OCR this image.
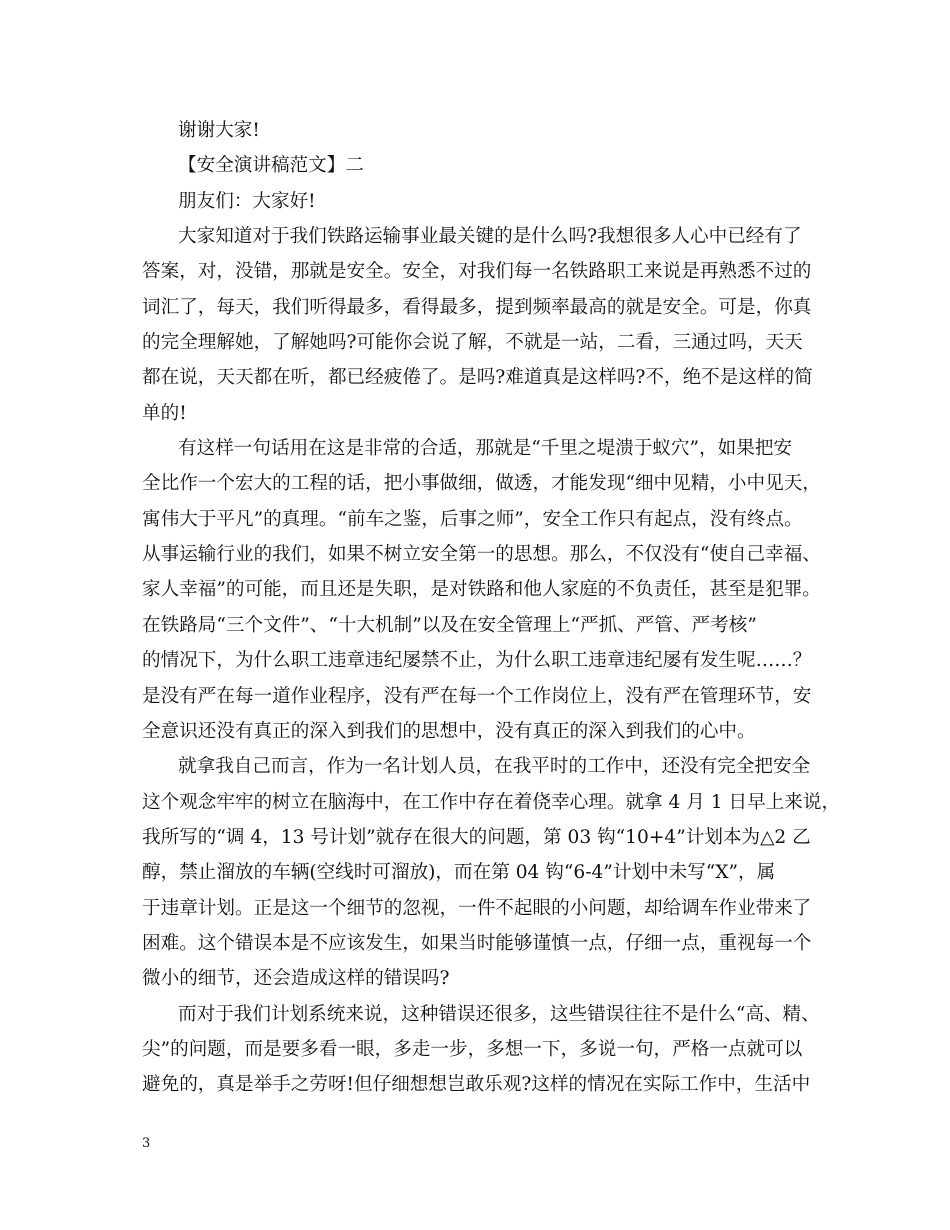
谢谢大家!
【安全演讲稿范文】二
朋友们：大家好!
大家知道对于我们铁路运输事业最关键的是什么吗?我想很多人心中已经有了
答案，对，没错，那就是安全。安全，对我们每一名铁路职工来说是再熟悉不过的
词汇了，每天，我们听得最多，看得最多，提到频率最高的就是安全。可是，你真
的完全理解她，了解她吗?可能你会说了解，不就是一站，二看，三通过吗，天天
都在说，天天都在听，都已经疲倦了。是吗?难道真是这样吗?不，绝不是这样的简
单的!
有这样一句话用在这是非常的合适，那就是“千里之堤溃于蚁穴”，如果把安
全比作一个宏大的工程的话，把小事做细，做透，才能发现“细中见精，小中见天，
寓伟大于平凡”的真理。“前车之鉴，后事之师”，安全工作只有起点，没有终点。
从事运输行业的我们，如果不树立安全第一的思想。那么，不仅没有“使自己幸福、
家人幸福”的可能，而且还是失职，是对铁路和他人家庭的不负责任，甚至是犯罪。
在铁路局“三个文件”、“十大机制”以及在安全管理上“严抓、严管、严考核”
的情况下，为什么职工违章违纪屡禁不止，为什么职工违章违纪屡有发生呢……？
是没有严在每一道作业程序，没有严在每一个工作岗位上，没有严在管理环节，安
全意识还没有真正的深入到我们的思想中，没有真正的深入到我们的心中。
就拿我自己而言，作为一名计划人员，在我平时的工作中，还没有完全把安全
这个观念牢牢的树立在脑海中，在工作中存在着侥幸心理。就拿 4 月 1 日早上来说，
我所写的“调 4，13 号计划”就存在很大的问题，第 03 钩“10+4”计划本为△2 乙
醇，禁止溜放的车辆(空线时可溜放)，而在第 04 钩“6-4”计划中未写“X”，属
于违章计划。正是这一个细节的忽视，一件不起眼的小问题，却给调车作业带来了
困难。这个错误本是不应该发生，如果当时能够谨慎一点，仔细一点，重视每一个
微小的细节，还会造成这样的错误吗?
而对于我们计划系统来说，这种错误还很多，这些错误往往不是什么“高、精、
尖”的问题，而是要多看一眼，多走一步，多想一下，多说一句，严格一点就可以
避免的，真是举手之劳呀!但仔细想想岂敢乐观?这样的情况在实际工作中，生活中
3
